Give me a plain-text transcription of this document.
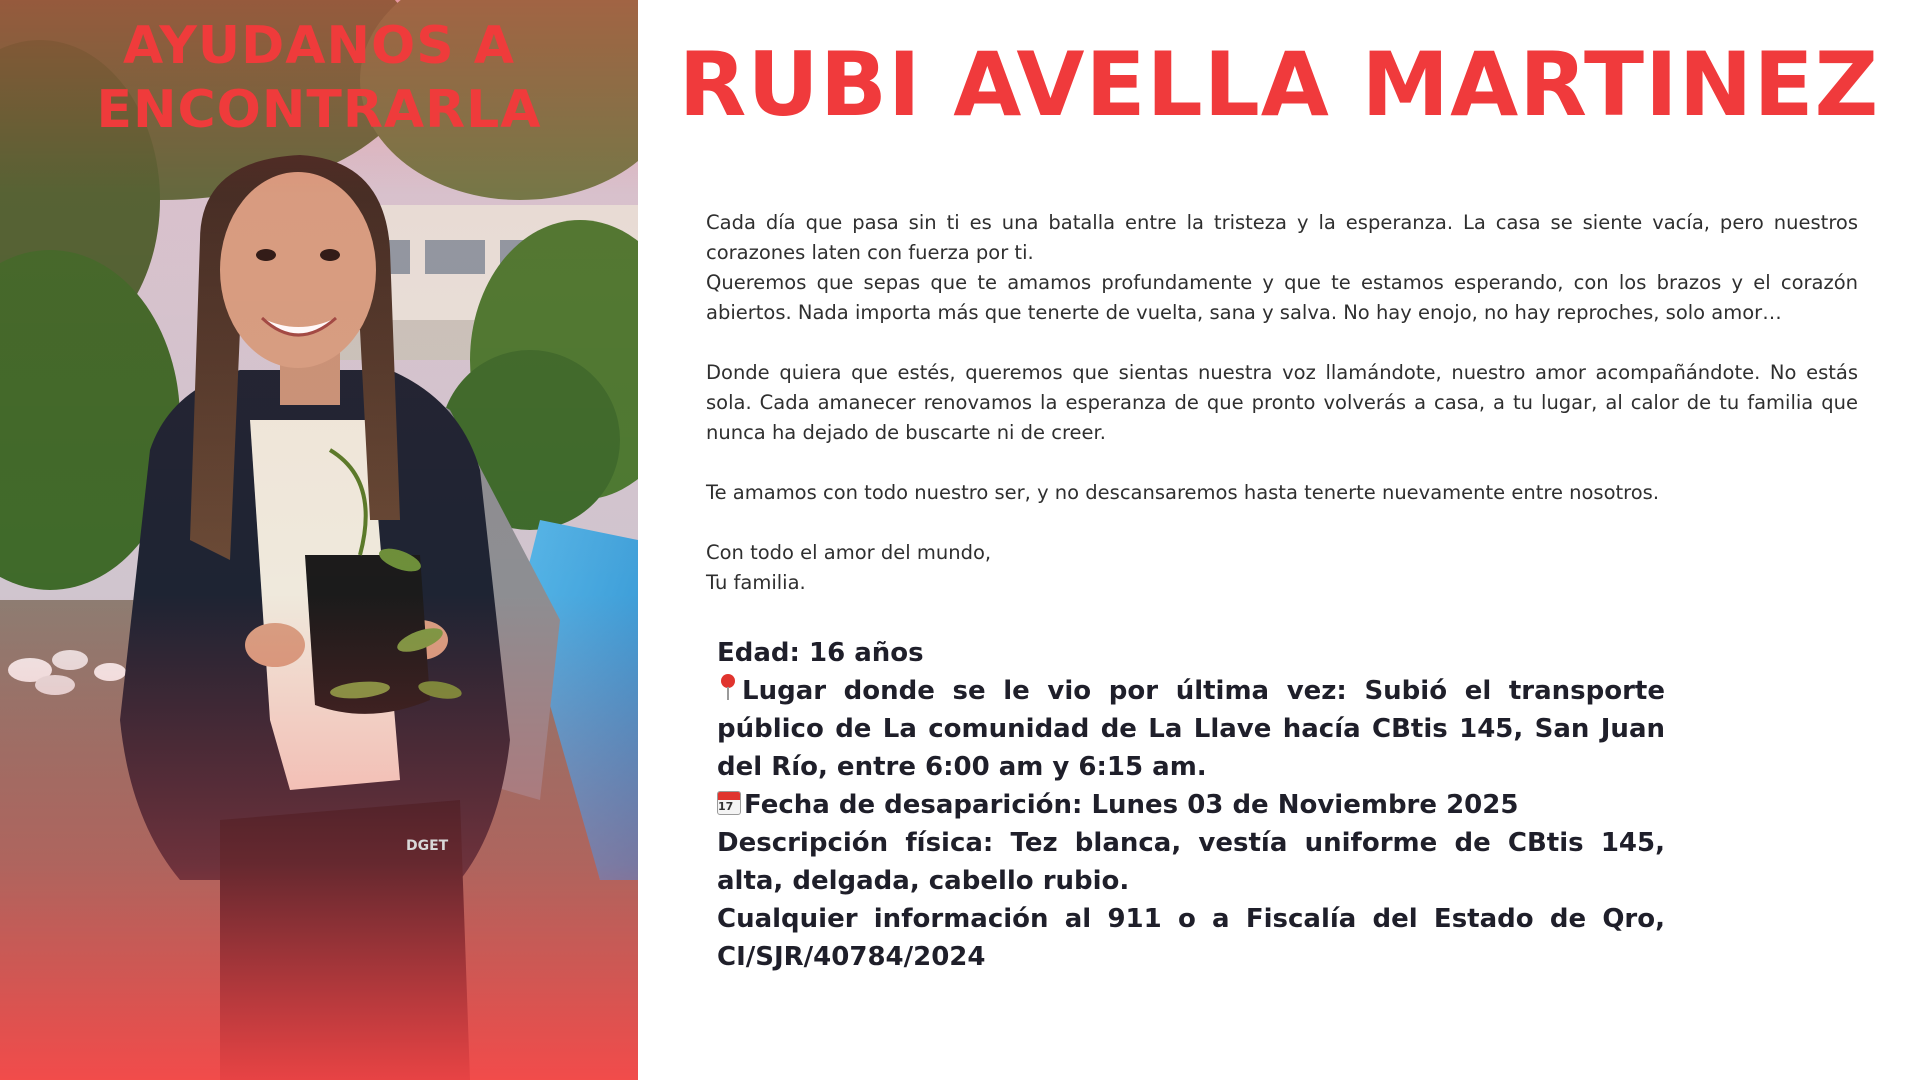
AYUDANOS A
ENCONTRARLA
DGET
RUBI AVELLA MARTINEZ

Cada día que pasa sin ti es una batalla entre la tristeza y la esperanza. La casa se siente vacía, pero nuestros corazones laten con fuerza por ti.

Queremos que sepas que te amamos profundamente y que te estamos esperando, con los brazos y el corazón abiertos. Nada importa más que tenerte de vuelta, sana y salva. No hay enojo, no hay reproches, solo amor…

Donde quiera que estés, queremos que sientas nuestra voz llamándote, nuestro amor acompañándote. No estás sola. Cada amanecer renovamos la esperanza de que pronto volverás a casa, a tu lugar, al calor de tu familia que nunca ha dejado de buscarte ni de creer.

Te amamos con todo nuestro ser, y no descansaremos hasta tenerte nuevamente entre nosotros.

Con todo el amor del mundo,

Tu familia.

Edad: 16 años

Lugar donde se le vio por última vez: Subió el transporte público de La comunidad de La Llave hacía CBtis 145, San Juan del Río, entre 6:00 am y 6:15 am.

17 Fecha de desaparición: Lunes 03 de Noviembre 2025

Descripción física: Tez blanca, vestía uniforme de CBtis 145, alta, delgada, cabello rubio.

Cualquier información al 911 o a Fiscalía del Estado de Qro, CI/SJR/40784/2024
